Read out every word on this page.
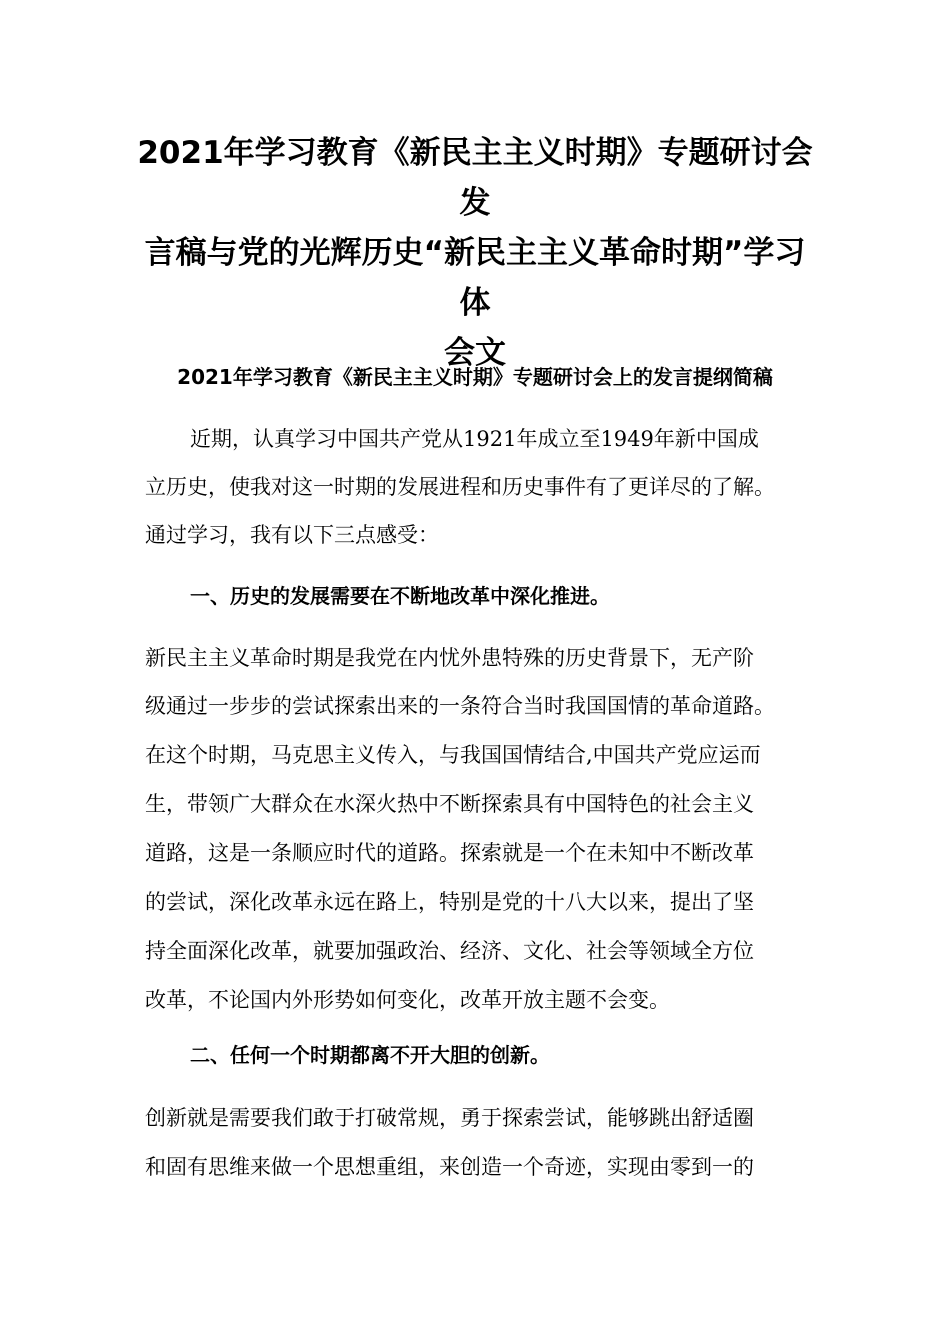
2021年学习教育《新民主主义时期》专题研讨会发
言稿与党的光辉历史“新民主主义革命时期”学习体
会文
2021年学习教育《新民主主义时期》专题研讨会上的发言提纲简稿

近期，认真学习中国共产党从1921年成立至1949年新中国成

立历史，使我对这一时期的发展进程和历史事件有了更详尽的了解。

通过学习，我有以下三点感受：

一、历史的发展需要在不断地改革中深化推进。

新民主主义革命时期是我党在内忧外患特殊的历史背景下，无产阶

级通过一步步的尝试探索出来的一条符合当时我国国情的革命道路。

在这个时期，马克思主义传入，与我国国情结合,中国共产党应运而

生，带领广大群众在水深火热中不断探索具有中国特色的社会主义

道路，这是一条顺应时代的道路。探索就是一个在未知中不断改革

的尝试，深化改革永远在路上，特别是党的十八大以来，提出了坚

持全面深化改革，就要加强政治、经济、文化、社会等领域全方位

改革，不论国内外形势如何变化，改革开放主题不会变。

二、任何一个时期都离不开大胆的创新。

创新就是需要我们敢于打破常规，勇于探索尝试，能够跳出舒适圈

和固有思维来做一个思想重组，来创造一个奇迹，实现由零到一的
